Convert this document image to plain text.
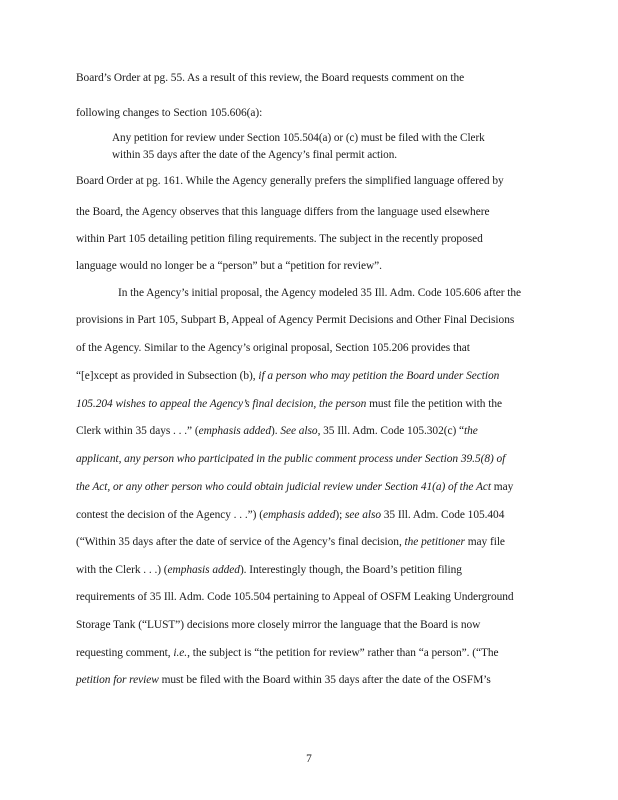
Board’s Order at pg. 55. As a result of this review, the Board requests comment on the
following changes to Section 105.606(a):
Any petition for review under Section 105.504(a) or (c) must be filed with the Clerk
within 35 days after the date of the Agency’s final permit action.
Board Order at pg. 161. While the Agency generally prefers the simplified language offered by
the Board, the Agency observes that this language differs from the language used elsewhere
within Part 105 detailing petition filing requirements. The subject in the recently proposed
language would no longer be a “person” but a “petition for review”.
In the Agency’s initial proposal, the Agency modeled 35 Ill. Adm. Code 105.606 after the
provisions in Part 105, Subpart B, Appeal of Agency Permit Decisions and Other Final Decisions
of the Agency. Similar to the Agency’s original proposal, Section 105.206 provides that
“[e]xcept as provided in Subsection (b), if a person who may petition the Board under Section
105.204 wishes to appeal the Agency’s final decision, the person must file the petition with the
Clerk within 35 days . . .” (emphasis added). See also, 35 Ill. Adm. Code 105.302(c) “the
applicant, any person who participated in the public comment process under Section 39.5(8) of
the Act, or any other person who could obtain judicial review under Section 41(a) of the Act may
contest the decision of the Agency . . .”) (emphasis added); see also 35 Ill. Adm. Code 105.404
(“Within 35 days after the date of service of the Agency’s final decision, the petitioner may file
with the Clerk . . .) (emphasis added). Interestingly though, the Board’s petition filing
requirements of 35 Ill. Adm. Code 105.504 pertaining to Appeal of OSFM Leaking Underground
Storage Tank (“LUST”) decisions more closely mirror the language that the Board is now
requesting comment, i.e., the subject is “the petition for review” rather than “a person”. (“The
petition for review must be filed with the Board within 35 days after the date of the OSFM’s
7
